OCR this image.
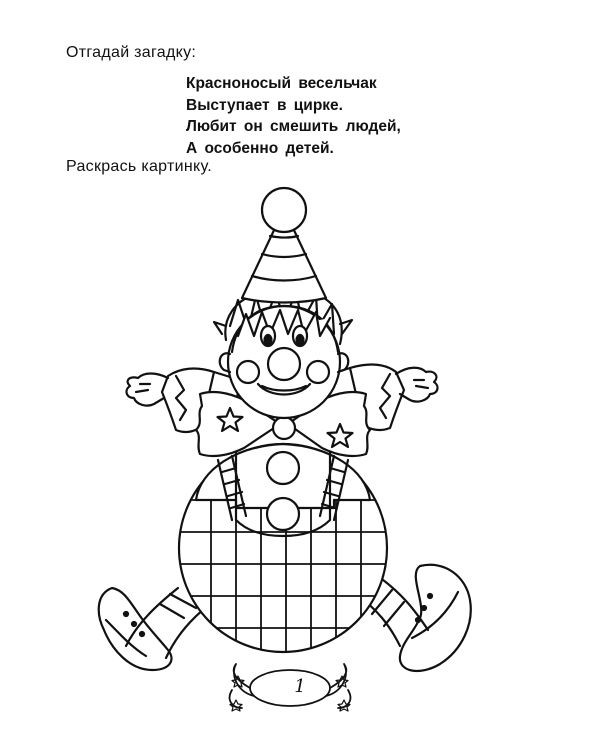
Отгадай загадку:
Красноносый весельчак
Выступает в цирке.
Любит он смешить людей,
А особенно детей.
Раскрась картинку.
1
